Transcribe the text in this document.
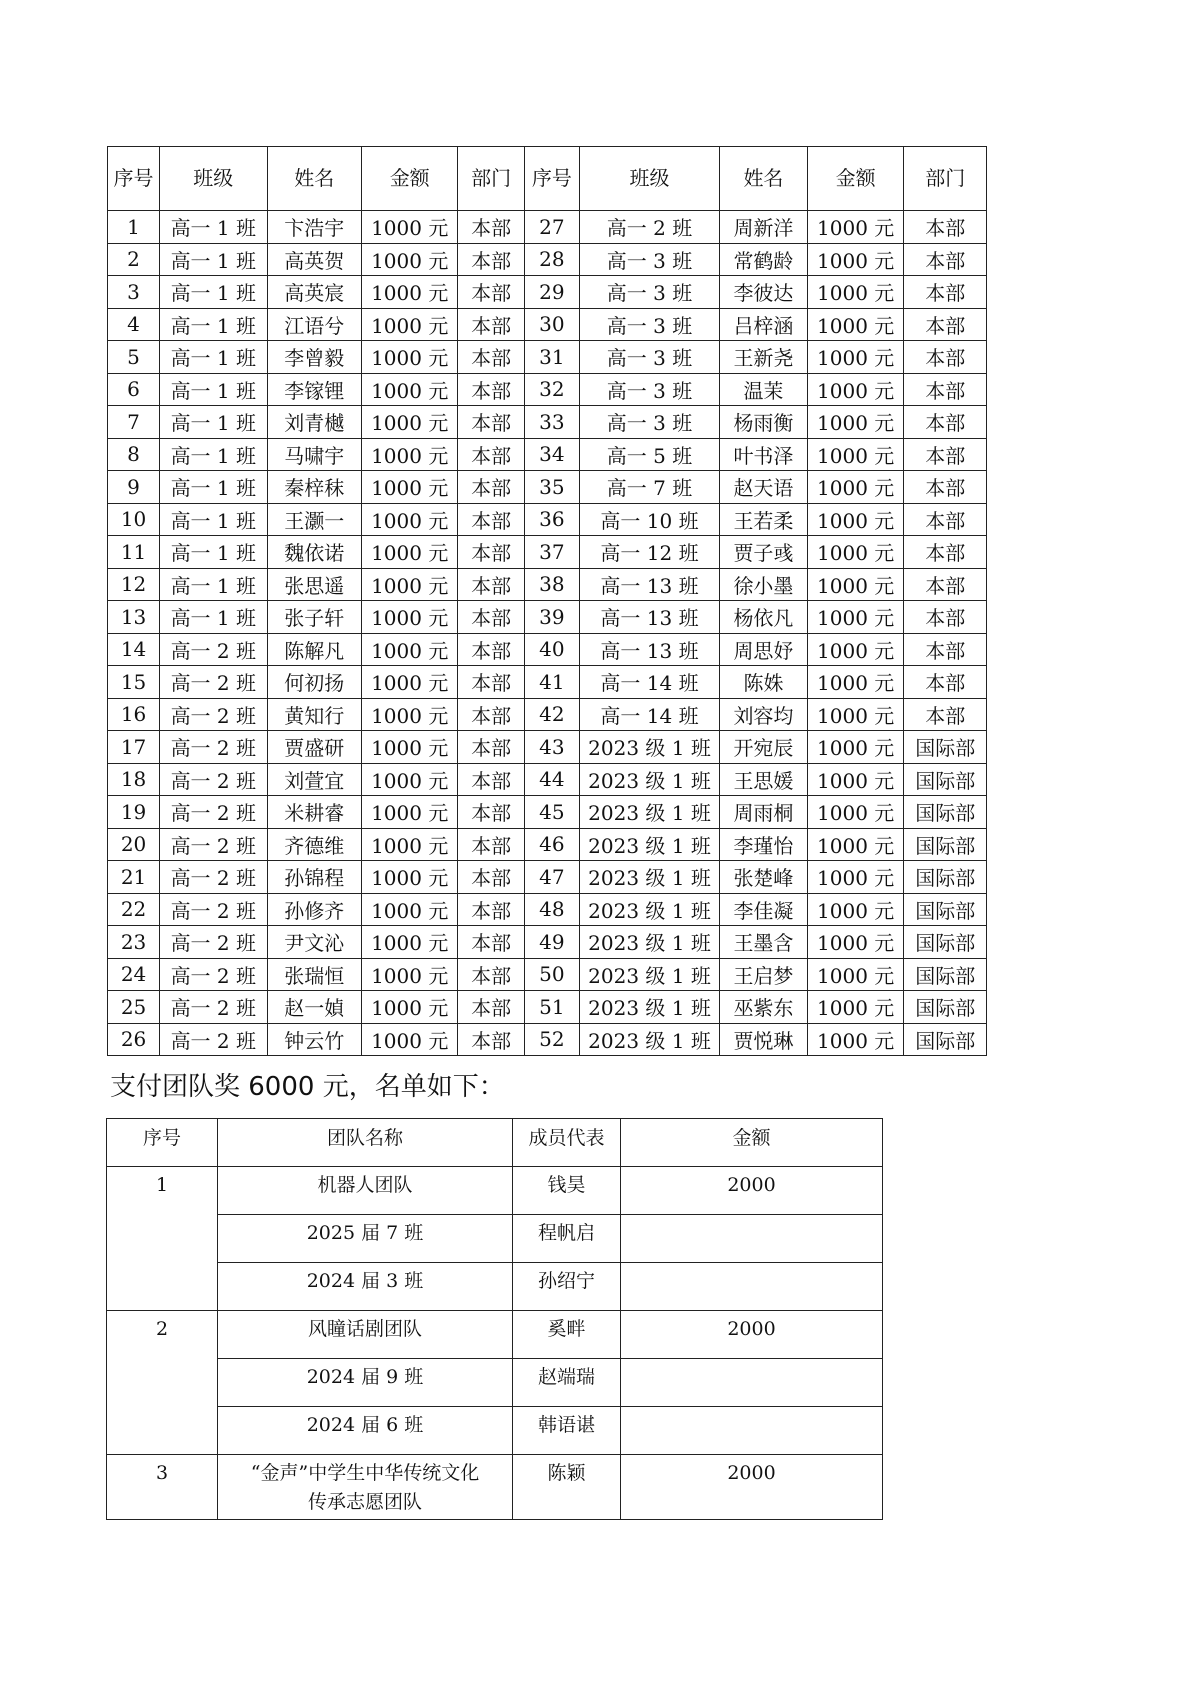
序号	班级	姓名	金额	部门	序号	班级	姓名	金额	部门
1	高一 1 班	卞浩宇	1000 元	本部	27	高一 2 班	周新洋	1000 元	本部
2	高一 1 班	高英贺	1000 元	本部	28	高一 3 班	常鹤龄	1000 元	本部
3	高一 1 班	高英宸	1000 元	本部	29	高一 3 班	李彼达	1000 元	本部
4	高一 1 班	江语兮	1000 元	本部	30	高一 3 班	吕梓涵	1000 元	本部
5	高一 1 班	李曾毅	1000 元	本部	31	高一 3 班	王新尧	1000 元	本部
6	高一 1 班	李镓锂	1000 元	本部	32	高一 3 班	温茉	1000 元	本部
7	高一 1 班	刘青樾	1000 元	本部	33	高一 3 班	杨雨衡	1000 元	本部
8	高一 1 班	马啸宇	1000 元	本部	34	高一 5 班	叶书泽	1000 元	本部
9	高一 1 班	秦梓秣	1000 元	本部	35	高一 7 班	赵天语	1000 元	本部
10	高一 1 班	王灏一	1000 元	本部	36	高一 10 班	王若柔	1000 元	本部
11	高一 1 班	魏依诺	1000 元	本部	37	高一 12 班	贾子彧	1000 元	本部
12	高一 1 班	张思遥	1000 元	本部	38	高一 13 班	徐小墨	1000 元	本部
13	高一 1 班	张子轩	1000 元	本部	39	高一 13 班	杨依凡	1000 元	本部
14	高一 2 班	陈解凡	1000 元	本部	40	高一 13 班	周思妤	1000 元	本部
15	高一 2 班	何初扬	1000 元	本部	41	高一 14 班	陈姝	1000 元	本部
16	高一 2 班	黄知行	1000 元	本部	42	高一 14 班	刘容均	1000 元	本部
17	高一 2 班	贾盛研	1000 元	本部	43	2023 级 1 班	开宛辰	1000 元	国际部
18	高一 2 班	刘萱宜	1000 元	本部	44	2023 级 1 班	王思媛	1000 元	国际部
19	高一 2 班	米耕睿	1000 元	本部	45	2023 级 1 班	周雨桐	1000 元	国际部
20	高一 2 班	齐德维	1000 元	本部	46	2023 级 1 班	李瑾怡	1000 元	国际部
21	高一 2 班	孙锦程	1000 元	本部	47	2023 级 1 班	张楚峰	1000 元	国际部
22	高一 2 班	孙修齐	1000 元	本部	48	2023 级 1 班	李佳凝	1000 元	国际部
23	高一 2 班	尹文沁	1000 元	本部	49	2023 级 1 班	王墨含	1000 元	国际部
24	高一 2 班	张瑞恒	1000 元	本部	50	2023 级 1 班	王启梦	1000 元	国际部
25	高一 2 班	赵一媜	1000 元	本部	51	2023 级 1 班	巫紫东	1000 元	国际部
26	高一 2 班	钟云竹	1000 元	本部	52	2023 级 1 班	贾悦琳	1000 元	国际部
支付团队奖 6000 元，名单如下：
序号	团队名称	成员代表	金额
1	机器人团队	钱昊	2000
	2025 届 7 班	程帆启	
	2024 届 3 班	孙绍宁	
2	风瞳话剧团队	奚畔	2000
	2024 届 9 班	赵端瑞	
	2024 届 6 班	韩语谌	
3	“金声”中学生中华传统文化传承志愿团队	陈颖	2000
